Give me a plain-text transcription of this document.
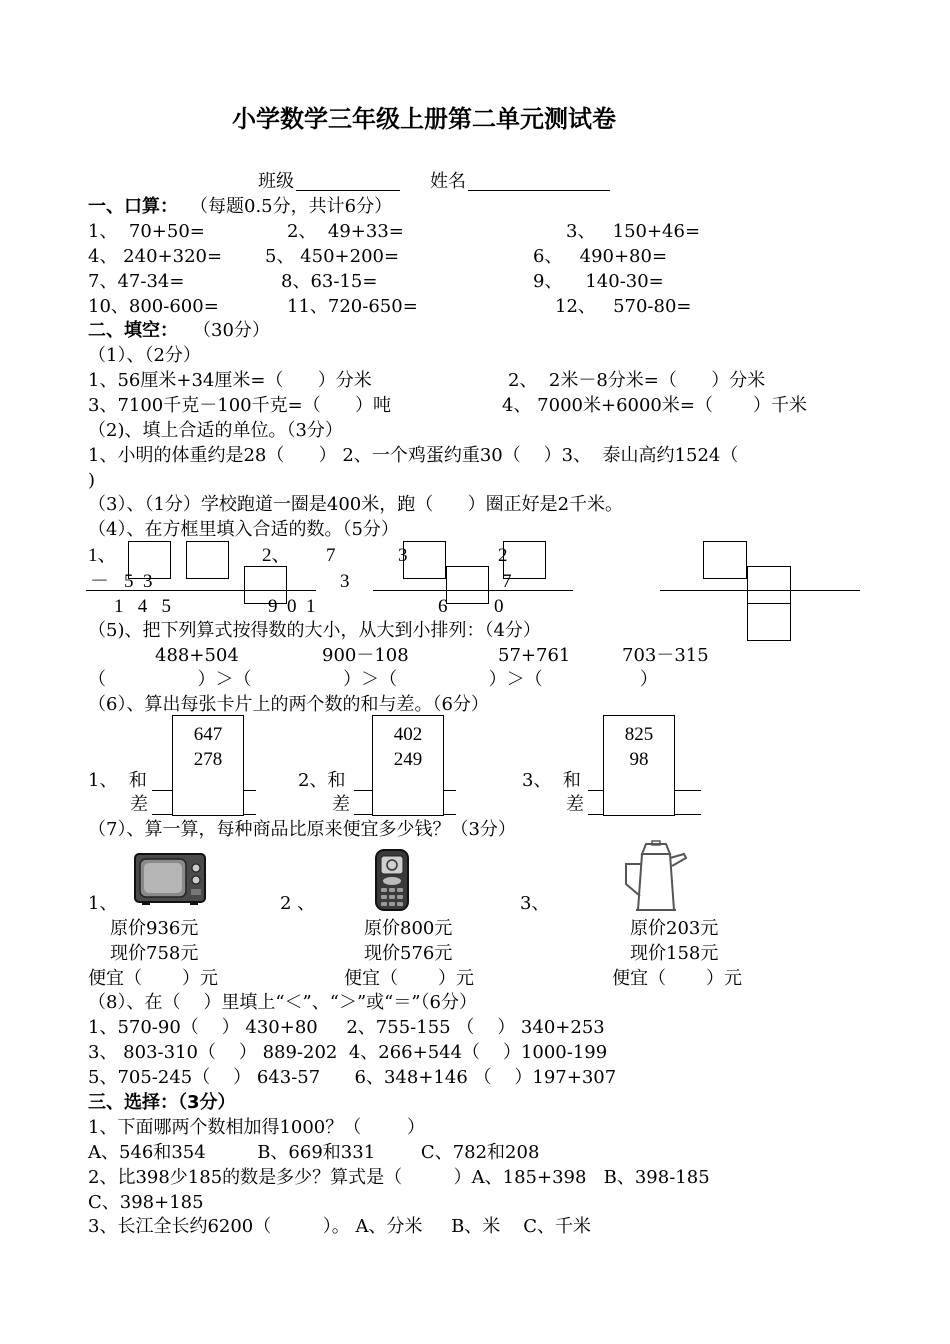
小学数学三年级上册第二单元测试卷
班级	姓名
一、口算： （每题0.5分，共计6分）
1、  70+50=	2、  49+33=	3、   150+46=
4、 240+320= 5、 450+200=	6、   490+80=
7、47-34=	8、63-15=	9、    140-30=
10、800-600=	11、720-650=	12、   570-80=
二、填空： （30分）
（1）、（2分）
1、56厘米+34厘米=（      ）分米	2、  2米－8分米=（      ）分米
3、7100千克－100千克=（      ）吨	4、 7000米+6000米=（       ）千米
（2)、填上合适的单位。（3分）
1、小明的体重约是28（      ） 2、一个鸡蛋约重30（    ）3、  泰山高约1524（
)
（3）、（1分）学校跑道一圈是400米，跑（      ）圈正好是2千米。
（4）、在方框里填入合适的数。（5分）
1、
－ 5  3
1   4   5
2、 7
3
9  0  1
3
6
2
7
0
（5)、把下列算式按得数的大小，从大到小排列：（4分）
488+504	900－108	57+761	703－315
（                ）＞（                ）＞（                ）＞（                 ）
（6）、算出每张卡片上的两个数的和与差。（6分）
647
278
1、  和
差
402
249
2、和
差
825
98
3、  和
差
（7）、算一算，每种商品比原来便宜多少钱？（3分）
1、
原价936元
现价758元
便宜（       ）元
2 、
原价800元
现价576元
便宜（       ）元
3、
原价203元
现价158元
便宜（       ）元
（8）、在（    ）里填上“＜”、“＞”或“＝”（6分）
1、570-90（    ） 430+80     2、755-155 （    ） 340+253
3、 803-310（    ） 889-202  4、266+544（    ）1000-199
5、705-245（    ） 643-57      6、348+146 （    ）197+307
三、选择：（3分）
1、下面哪两个数相加得1000？（        ）
A、546和354         B、669和331        C、782和208
2、比398少185的数是多少？算式是（         ）A、185+398   B、398-185
C、398+185
3、长江全长约6200（         ）。 A、分米     B、米    C、千米
